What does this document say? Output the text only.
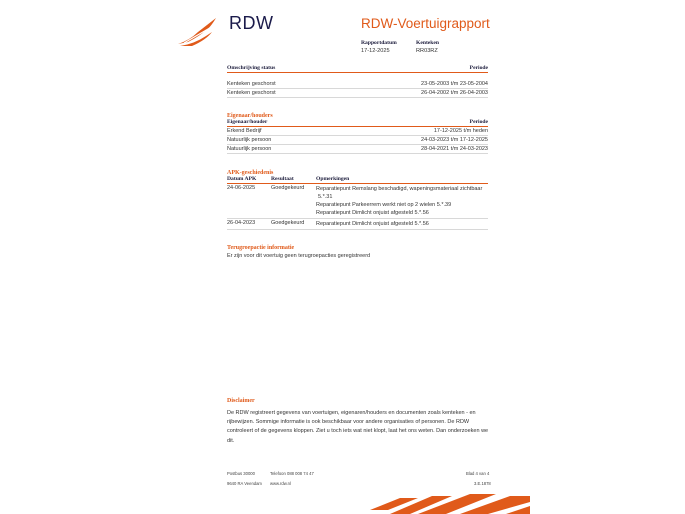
RDW	RDW-Voertuigrapport
Rapportdatum	Kenteken
17-12-2025	RR03RZ
Omschrijving status	Periode
Kenteken geschorst	23-05-2003 t/m 23-05-2004
Kenteken geschorst	26-04-2002 t/m 26-04-2003
Eigenaar/houders
Eigenaar/houder	Periode
Erkend Bedrijf	17-12-2025 t/m heden
Natuurlijk persoon	24-03-2023 t/m 17-12-2025
Natuurlijk persoon	28-04-2021 t/m 24-03-2023
APK-geschiedenis
Datum APK	Resultaat	Opmerkingen
24-06-2025	Goedgekeurd	Reparatiepunt Remslang beschadigd, wapeningsmateriaal zichtbaar
5.*.31
Reparatiepunt Parkeerrem werkt niet op 2 wielen 5.*.39
Reparatiepunt Dimlicht onjuist afgesteld 5.*.56
26-04-2023	Goedgekeurd	Reparatiepunt Dimlicht onjuist afgesteld 5.*.56
Terugroepactie informatie
Er zijn voor dit voertuig geen terugroepacties geregistreerd
Disclaimer
De RDW registreert gegevens van voertuigen, eigenaren/houders en documenten zoals kenteken - en rijbewijzen. Sommige informatie is ook beschikbaar voor andere organisaties of personen. De RDW controleert of de gegevens kloppen. Ziet u toch iets wat niet klopt, laat het ons weten. Dan onderzoeken we dit.
Postbus 30000
9640 RA Veendam
Telefoon 088 008 74 47
www.rdw.nl
Blad 4 van 4
3.E.1878
